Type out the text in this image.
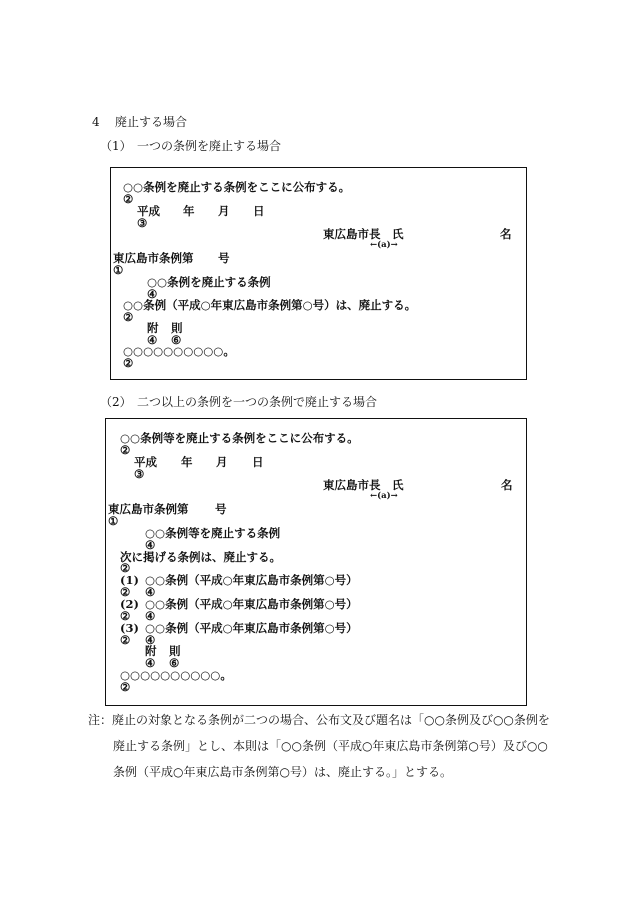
4 廃止する場合
（1） 一つの条例を廃止する場合
○○条例を廃止する条例をここに公布する。
②
平成 年 月 日
③
東広島市長 氏	名
←(a)→
東広島市条例第 号
①
○○条例を廃止する条例
④
○○条例（平成○年東広島市条例第○号）は、廃止する。
②
附 則
④ ⑥
○○○○○○○○○○。
②
（2） 二つ以上の条例を一つの条例で廃止する場合
○○条例等を廃止する条例をここに公布する。
②
平成 年 月 日
③
東広島市長 氏	名
←(a)→
東広島市条例第 号
①
○○条例等を廃止する条例
④
次に掲げる条例は、廃止する。
②
(1) ○○条例（平成○年東広島市条例第○号）
② ④
(2) ○○条例（平成○年東広島市条例第○号）
② ④
(3) ○○条例（平成○年東広島市条例第○号）
② ④
附 則
④ ⑥
○○○○○○○○○○。
②
注： 廃止の対象となる条例が二つの場合、公布文及び題名は「○○条例及び○○条例を
廃止する条例」とし、本則は「○○条例（平成○年東広島市条例第○号）及び○○
条例（平成○年東広島市条例第○号）は、廃止する。」とする。
